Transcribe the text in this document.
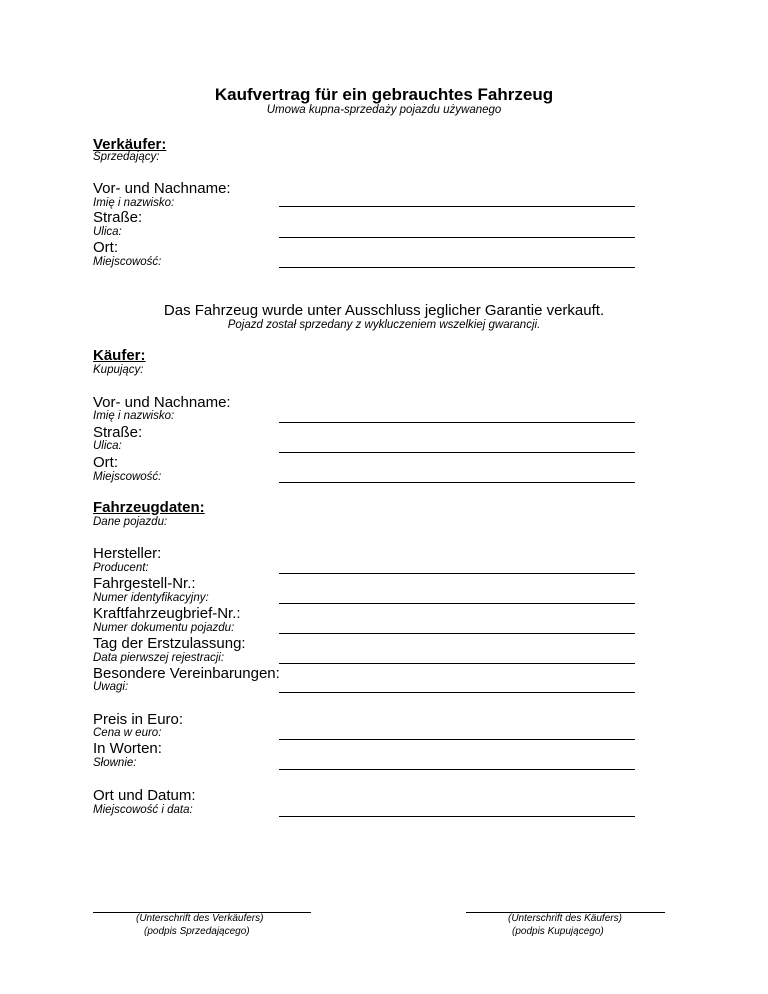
Kaufvertrag für ein gebrauchtes Fahrzeug
Umowa kupna-sprzedaży pojazdu używanego
Verkäufer:
Sprzedający:
Vor- und Nachname:
Imię i nazwisko:
Straße:
Ulica:
Ort:
Miejscowość:
Das Fahrzeug wurde unter Ausschluss jeglicher Garantie verkauft.
Pojazd został sprzedany z wykluczeniem wszelkiej gwarancji.
Käufer:
Kupujący:
Vor- und Nachname:
Imię i nazwisko:
Straße:
Ulica:
Ort:
Miejscowość:
Fahrzeugdaten:
Dane pojazdu:
Hersteller:
Producent:
Fahrgestell-Nr.:
Numer identyfikacyjny:
Kraftfahrzeugbrief-Nr.:
Numer dokumentu pojazdu:
Tag der Erstzulassung:
Data pierwszej rejestracji:
Besondere Vereinbarungen:
Uwagi:
Preis in Euro:
Cena w euro:
In Worten:
Słownie:
Ort und Datum:
Miejscowość i data:
(Unterschrift des Verkäufers)
(podpis Sprzedającego)
(Unterschrift des Käufers)
(podpis Kupującego)
